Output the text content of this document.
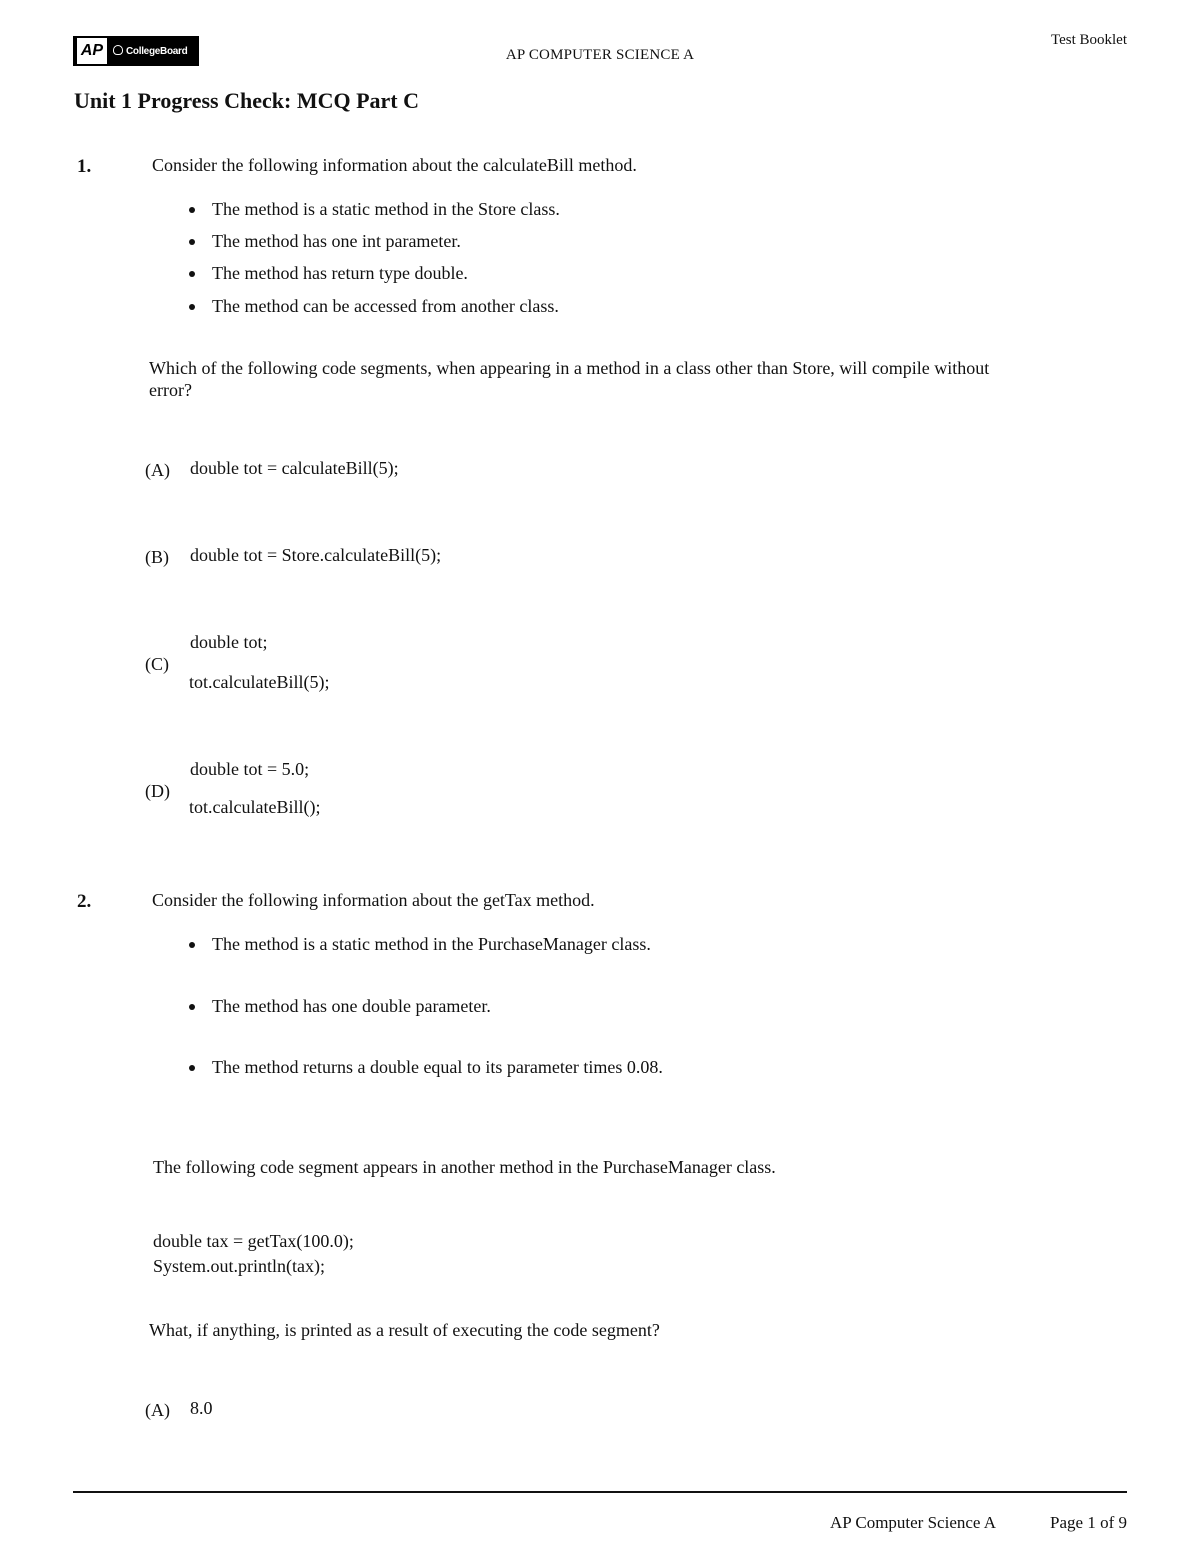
AP	CollegeBoard	AP COMPUTER SCIENCE A
Test Booklet
Unit 1 Progress Check: MCQ Part C
1.	Consider the following information about the calculateBill method.
The method is a static method in the Store class.
The method has one int parameter.
The method has return type double.
The method can be accessed from another class.
Which of the following code segments, when appearing in a method in a class other than Store, will compile without
error?
(A) double tot = calculateBill(5);
(B) double tot = Store.calculateBill(5);
(C)
double tot;
tot.calculateBill(5);
(D)
double tot = 5.0;
tot.calculateBill();
2.	Consider the following information about the getTax method.
The method is a static method in the PurchaseManager class.
The method has one double parameter.
The method returns a double equal to its parameter times 0.08.
The following code segment appears in another method in the PurchaseManager class.
double tax = getTax(100.0);
System.out.println(tax);
What, if anything, is printed as a result of executing the code segment?
(A) 8.0
AP Computer Science A	Page 1 of 9
